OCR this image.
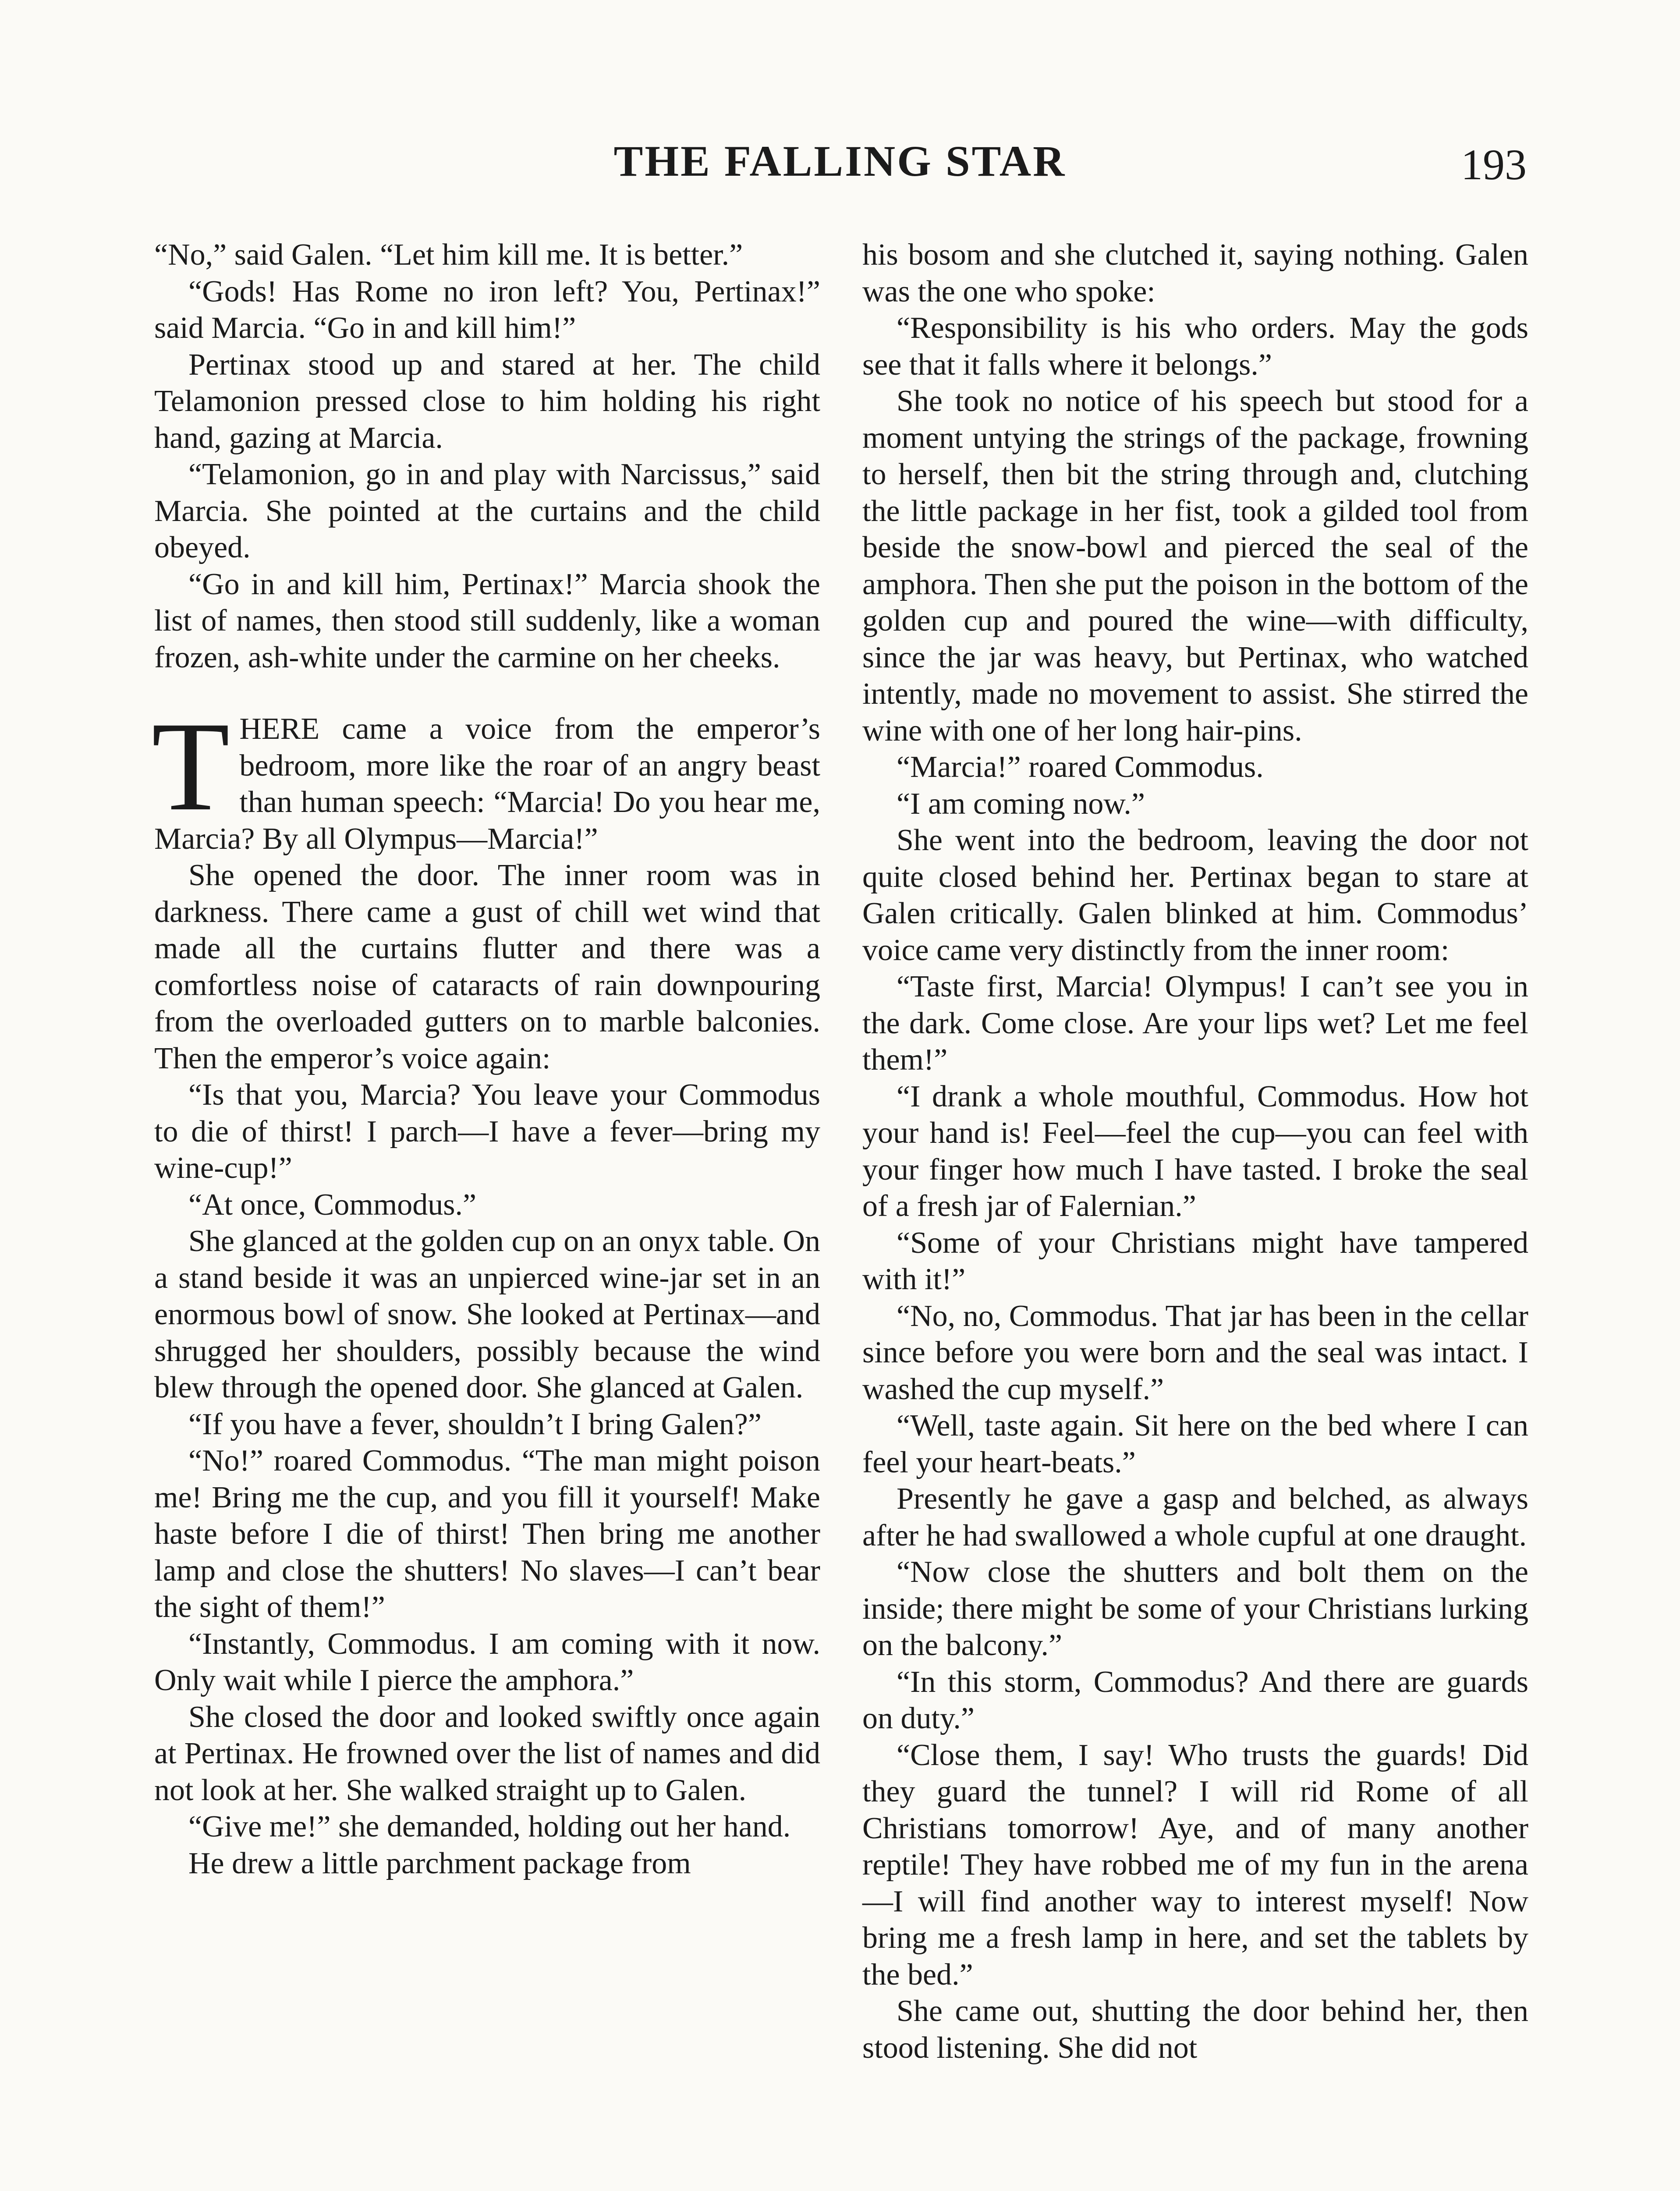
THE FALLING STAR	193

“No,” said Galen. “Let him kill me. It is better.”

“Gods! Has Rome no iron left? You, Pertinax!” said Marcia. “Go in and kill him!”

Pertinax stood up and stared at her. The child Telamonion pressed close to him holding his right hand, gazing at Marcia.

“Telamonion, go in and play with Narcissus,” said Marcia. She pointed at the curtains and the child obeyed.

“Go in and kill him, Pertinax!” Marcia shook the list of names, then stood still suddenly, like a woman frozen, ash-white under the carmine on her cheeks.

THERE came a voice from the emperor’s bedroom, more like the roar of an angry beast than human speech: “Marcia! Do you hear me, Marcia? By all Olympus—Marcia!”

She opened the door. The inner room was in darkness. There came a gust of chill wet wind that made all the curtains flutter and there was a comfortless noise of cataracts of rain downpouring from the overloaded gutters on to marble balconies. Then the emperor’s voice again:

“Is that you, Marcia? You leave your Commodus to die of thirst! I parch—I have a fever—bring my wine-cup!”

“At once, Commodus.”

She glanced at the golden cup on an onyx table. On a stand beside it was an unpierced wine-jar set in an enormous bowl of snow. She looked at Pertinax—and shrugged her shoulders, possibly because the wind blew through the opened door. She glanced at Galen.

“If you have a fever, shouldn’t I bring Galen?”

“No!” roared Commodus. “The man might poison me! Bring me the cup, and you fill it yourself! Make haste before I die of thirst! Then bring me another lamp and close the shutters! No slaves—I can’t bear the sight of them!”

“Instantly, Commodus. I am coming with it now. Only wait while I pierce the amphora.”

She closed the door and looked swiftly once again at Pertinax. He frowned over the list of names and did not look at her. She walked straight up to Galen.

“Give me!” she demanded, holding out her hand.

He drew a little parchment package from

his bosom and she clutched it, saying nothing. Galen was the one who spoke:

“Responsibility is his who orders. May the gods see that it falls where it belongs.”

She took no notice of his speech but stood for a moment untying the strings of the package, frowning to herself, then bit the string through and, clutching the little package in her fist, took a gilded tool from beside the snow-bowl and pierced the seal of the amphora. Then she put the poison in the bottom of the golden cup and poured the wine—with difficulty, since the jar was heavy, but Pertinax, who watched intently, made no movement to assist. She stirred the wine with one of her long hair-pins.

“Marcia!” roared Commodus.

“I am coming now.”

She went into the bedroom, leaving the door not quite closed behind her. Pertinax began to stare at Galen critically. Galen blinked at him. Commodus’ voice came very distinctly from the inner room:

“Taste first, Marcia! Olympus! I can’t see you in the dark. Come close. Are your lips wet? Let me feel them!”

“I drank a whole mouthful, Commodus. How hot your hand is! Feel—feel the cup—you can feel with your finger how much I have tasted. I broke the seal of a fresh jar of Falernian.”

“Some of your Christians might have tampered with it!”

“No, no, Commodus. That jar has been in the cellar since before you were born and the seal was intact. I washed the cup myself.”

“Well, taste again. Sit here on the bed where I can feel your heart-beats.”

Presently he gave a gasp and belched, as always after he had swallowed a whole cupful at one draught.

“Now close the shutters and bolt them on the inside; there might be some of your Christians lurking on the balcony.”

“In this storm, Commodus? And there are guards on duty.”

“Close them, I say! Who trusts the guards! Did they guard the tunnel? I will rid Rome of all Christians tomorrow! Aye, and of many another reptile! They have robbed me of my fun in the arena—I will find another way to interest myself! Now bring me a fresh lamp in here, and set the tablets by the bed.”

She came out, shutting the door behind her, then stood listening. She did not
